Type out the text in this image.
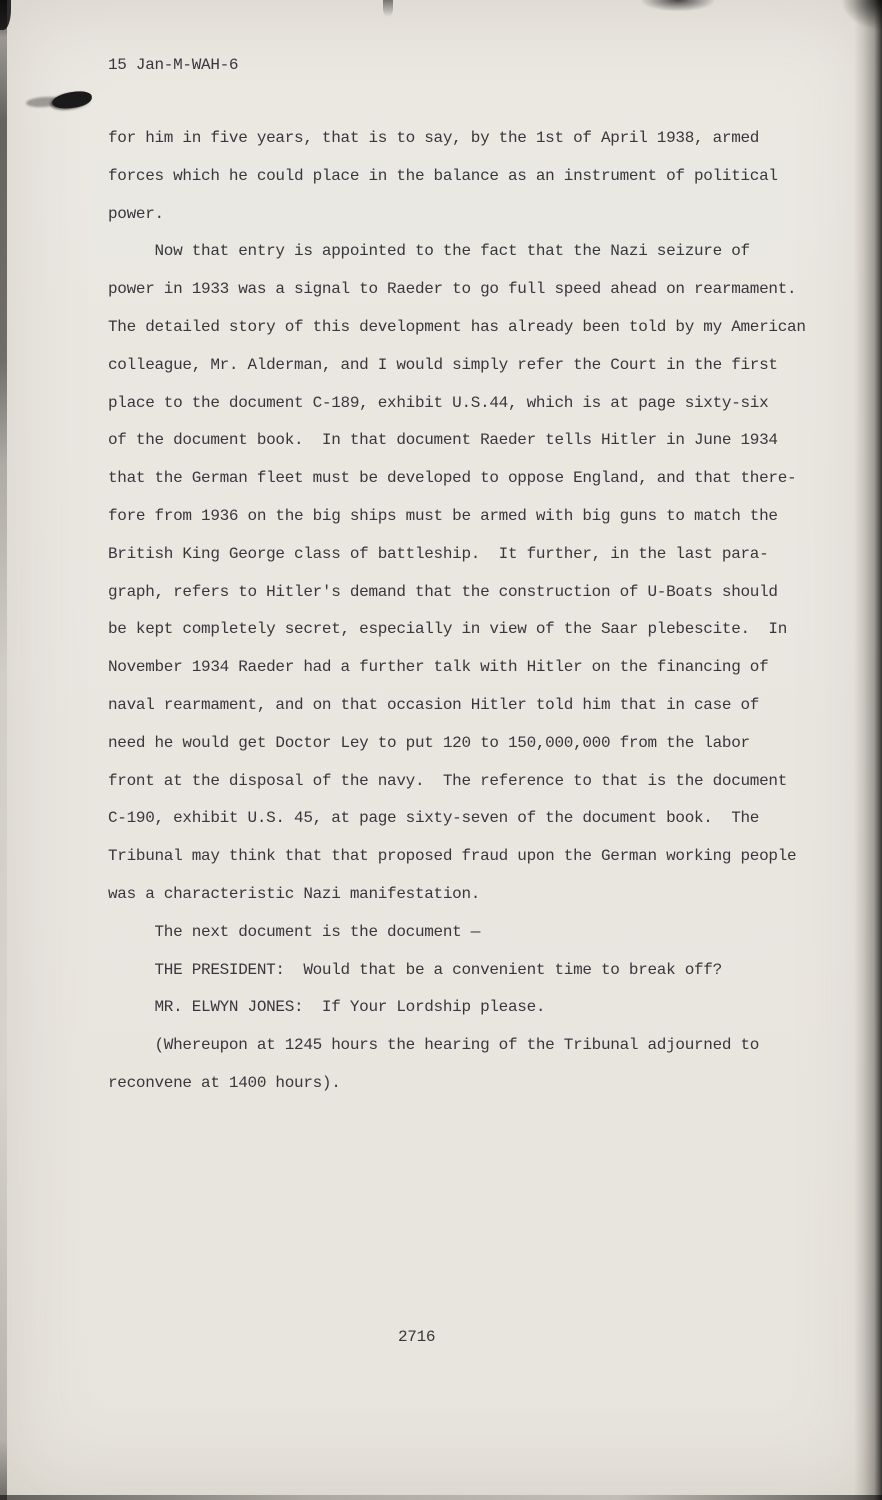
15 Jan-M-WAH-6
for him in five years, that is to say, by the 1st of April 1938, armed
forces which he could place in the balance as an instrument of political
power.
Now that entry is appointed to the fact that the Nazi seizure of
power in 1933 was a signal to Raeder to go full speed ahead on rearmament.
The detailed story of this development has already been told by my American
colleague, Mr. Alderman, and I would simply refer the Court in the first
place to the document C-189, exhibit U.S.44, which is at page sixty-six
of the document book.  In that document Raeder tells Hitler in June 1934
that the German fleet must be developed to oppose England, and that there-
fore from 1936 on the big ships must be armed with big guns to match the
British King George class of battleship.  It further, in the last para-
graph, refers to Hitler's demand that the construction of U-Boats should
be kept completely secret, especially in view of the Saar plebescite.  In
November 1934 Raeder had a further talk with Hitler on the financing of
naval rearmament, and on that occasion Hitler told him that in case of
need he would get Doctor Ley to put 120 to 150,000,000 from the labor
front at the disposal of the navy.  The reference to that is the document
C-190, exhibit U.S. 45, at page sixty-seven of the document book.  The
Tribunal may think that that proposed fraud upon the German working people
was a characteristic Nazi manifestation.
The next document is the document —
THE PRESIDENT:  Would that be a convenient time to break off?
MR. ELWYN JONES:  If Your Lordship please.
(Whereupon at 1245 hours the hearing of the Tribunal adjourned to
reconvene at 1400 hours).
2716
